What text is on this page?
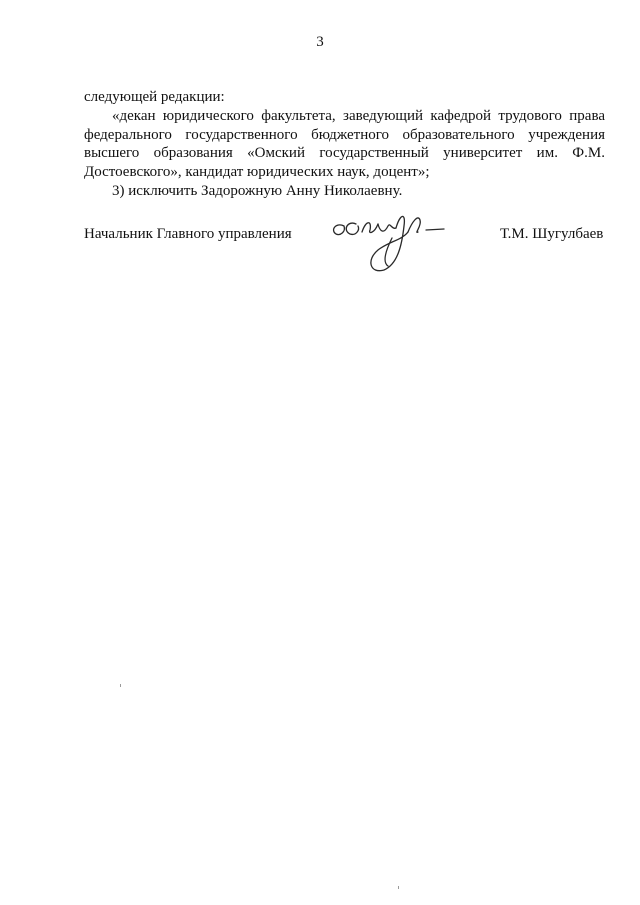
3

следующей редакции:

«декан юридического факультета, заведующий кафедрой трудового права федерального государственного бюджетного образовательного учреждения высшего образования «Омский государственный университет им. Ф.М. Достоевского», кандидат юридических наук, доцент»;

3) исключить Задорожную Анну Николаевну.

Начальник Главного управления	Т.М. Шугулбаев
